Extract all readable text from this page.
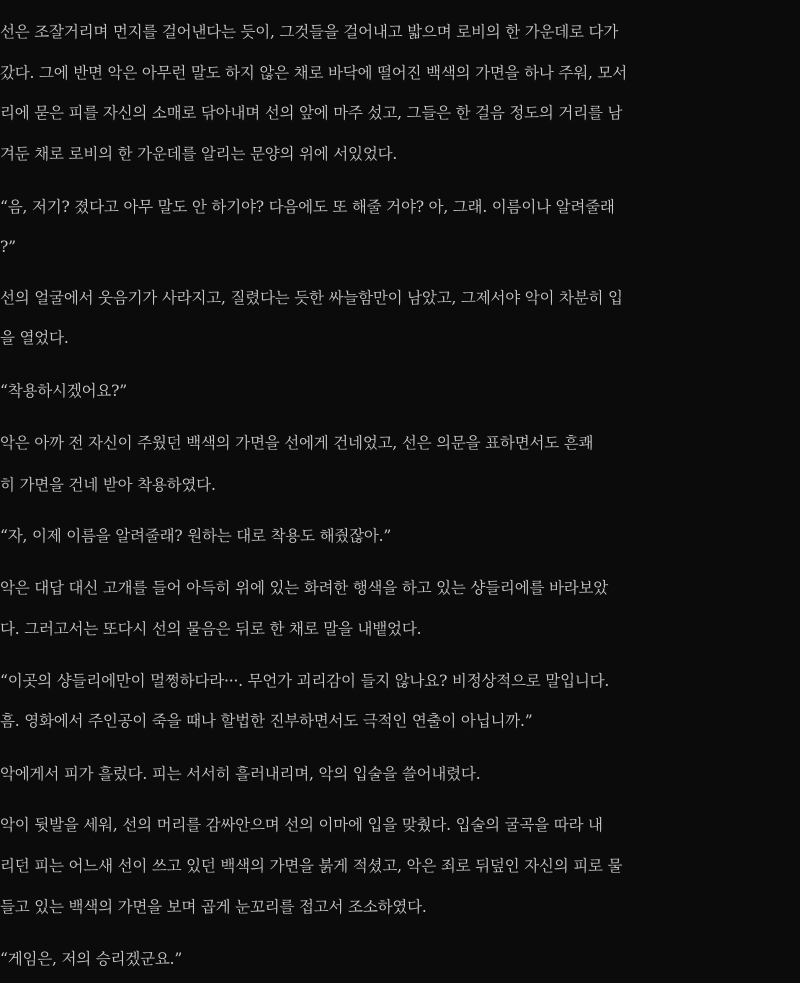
선은 조잘거리며 먼지를 걸어낸다는 듯이, 그것들을 걸어내고 밟으며 로비의 한 가운데로 다가
갔다. 그에 반면 악은 아무런 말도 하지 않은 채로 바닥에 떨어진 백색의 가면을 하나 주워, 모서
리에 묻은 피를 자신의 소매로 닦아내며 선의 앞에 마주 섰고, 그들은 한 걸음 정도의 거리를 남
겨둔 채로 로비의 한 가운데를 알리는 문양의 위에 서있었다.
“음, 저기? 졌다고 아무 말도 안 하기야? 다음에도 또 해줄 거야? 아, 그래. 이름이나 알려줄래
?”
선의 얼굴에서 웃음기가 사라지고, 질렸다는 듯한 싸늘함만이 남았고, 그제서야 악이 차분히 입
을 열었다.
“착용하시겠어요?”
악은 아까 전 자신이 주웠던 백색의 가면을 선에게 건네었고, 선은 의문을 표하면서도 흔쾌
히 가면을 건네 받아 착용하였다.
“자, 이제 이름을 알려줄래? 원하는 대로 착용도 해줬잖아.”
악은 대답 대신 고개를 들어 아득히 위에 있는 화려한 행색을 하고 있는 샹들리에를 바라보았
다. 그러고서는 또다시 선의 물음은 뒤로 한 채로 말을 내뱉었다.
“이곳의 샹들리에만이 멀쩡하다라···. 무언가 괴리감이 들지 않나요? 비정상적으로 말입니다.
흠. 영화에서 주인공이 죽을 때나 할법한 진부하면서도 극적인 연출이 아닙니까.”
악에게서 피가 흘렀다. 피는 서서히 흘러내리며, 악의 입술을 쓸어내렸다.
악이 뒷발을 세워, 선의 머리를 감싸안으며 선의 이마에 입을 맞췄다. 입술의 굴곡을 따라 내
리던 피는 어느새 선이 쓰고 있던 백색의 가면을 붉게 적셨고, 악은 죄로 뒤덮인 자신의 피로 물
들고 있는 백색의 가면을 보며 곱게 눈꼬리를 접고서 조소하였다.
“게임은, 저의 승리겠군요.”
